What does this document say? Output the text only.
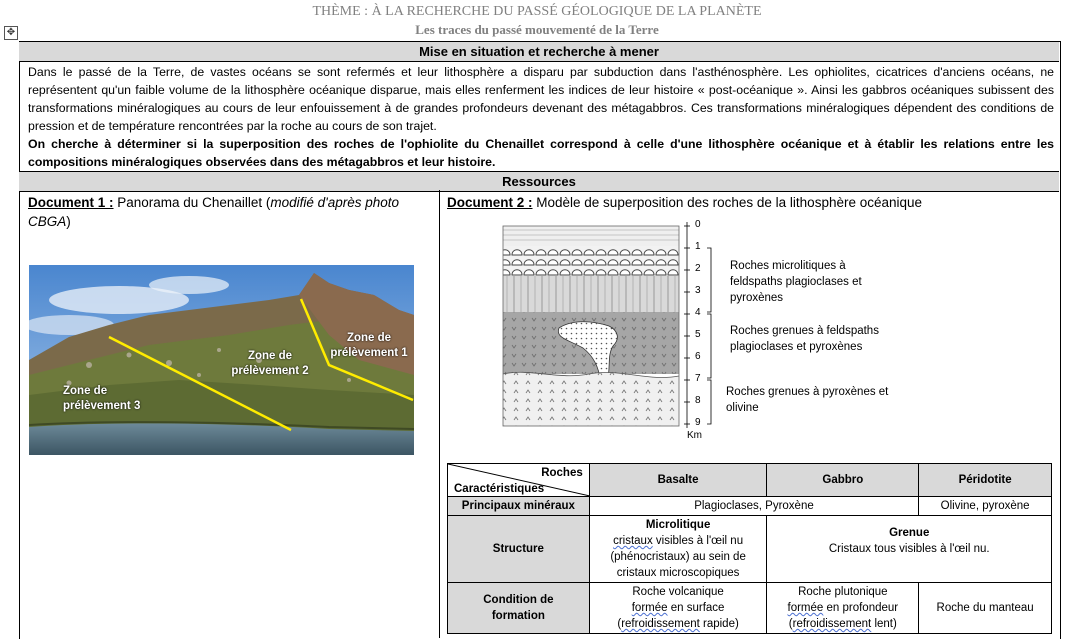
THÈME : À LA RECHERCHE DU PASSÉ GÉOLOGIQUE DE LA PLANÈTE
Les traces du passé mouvementé de la Terre
✥
Mise en situation et recherche à mener
Dans le passé de la Terre, de vastes océans se sont refermés et leur lithosphère a disparu par subduction dans l'asthénosphère. Les ophiolites, cicatrices d'anciens océans, ne représentent qu'un faible volume de la lithosphère océanique disparue, mais elles renferment les indices de leur histoire « post-océanique ». Ainsi les gabbros océaniques subissent des transformations minéralogiques au cours de leur enfouissement à de grandes profondeurs devenant des métagabbros. Ces transformations minéralogiques dépendent des conditions de pression et de température rencontrées par la roche au cours de son trajet.
On cherche à déterminer si la superposition des roches de l'ophiolite du Chenaillet correspond à celle d'une lithosphère océanique et à établir les relations entre les compositions minéralogiques observées dans des métagabbros et leur histoire.
Ressources
Document 1 : Panorama du Chenaillet (modifié d'après photo CBGA)
Zone de prélèvement 1
Zone de prélèvement 2
Zone de prélèvement 3
Document 2 : Modèle de superposition des roches de la lithosphère océanique
0
1
2
3
4
5
6
7
8
9
Km
Roches microlitiques à feldspaths plagioclases et pyroxènes
Roches grenues à feldspaths plagioclases et pyroxènes
Roches grenues à pyroxènes et olivine
Roches
Caractéristiques	Basalte	Gabbro	Péridotite
Principaux minéraux	Plagioclases, Pyroxène		Olivine, pyroxène
Structure	Microlitique
cristaux visibles à l'œil nu
(phénocristaux) au sein de
cristaux microscopiques	Grenue
Cristaux tous visibles à l'œil nu.	

Condition de
formation	Roche volcanique
formée en surface
(refroidissement rapide)	Roche plutonique
formée en profondeur
(refroidissement lent)	Roche du manteau
